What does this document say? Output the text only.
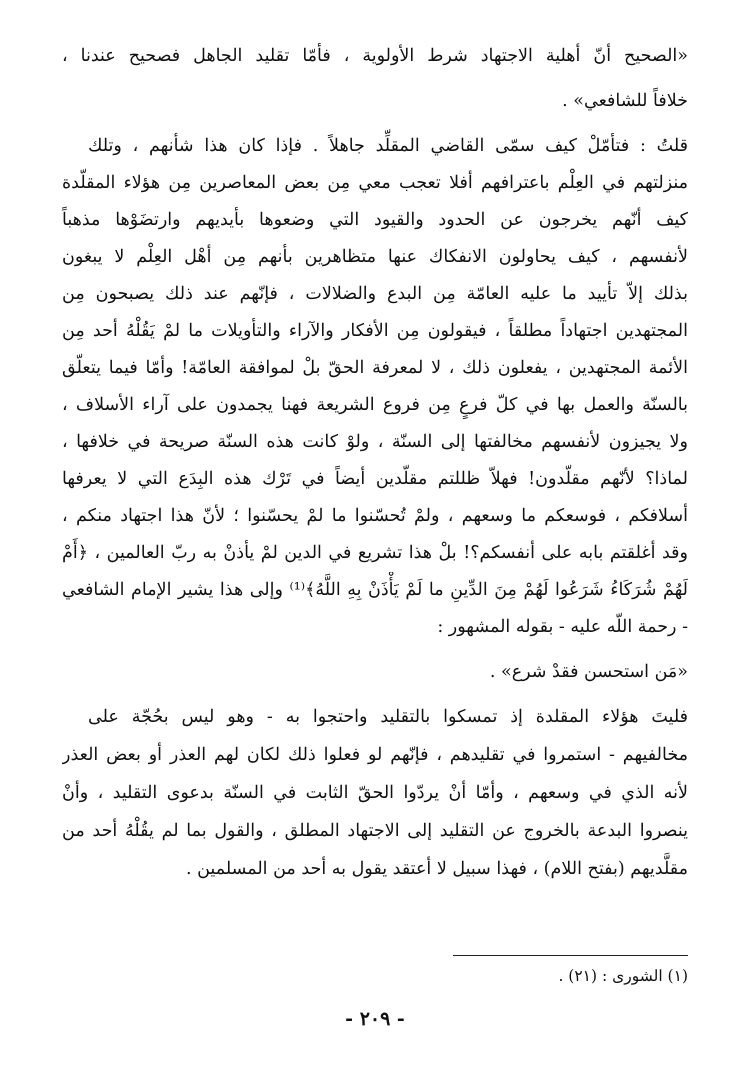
«الصحيح أنّ أهلية الاجتهاد شرط الأولوية ، فأمّا تقليد الجاهل فصحيح عندنا ،
خلافاً للشافعي» .
قلتُ : فتأمّلْ كيف سمّى القاضي المقلِّد جاهلاً . فإذا كان هذا شأنهم ، وتلك
منزلتهم في العِلْم باعترافهم أفلا تعجب معي مِن بعض المعاصرين مِن هؤلاء المقلّدة
كيف أنّهم يخرجون عن الحدود والقيود التي وضعوها بأيديهم وارتضَوْها مذهباً
لأنفسهم ، كيف يحاولون الانفكاك عنها متظاهرين بأنهم مِن أهْل العِلْم لا يبغون
بذلك إلاّ تأييد ما عليه العامّة مِن البدع والضلالات ، فإنّهم عند ذلك يصبحون مِن
المجتهدين اجتهاداً مطلقاً ، فيقولون مِن الأفكار والآراء والتأويلات ما لمْ يَقُلْهُ أحد مِن
الأئمة المجتهدين ، يفعلون ذلك ، لا لمعرفة الحقّ بلْ لموافقة العامّة! وأمّا فيما يتعلّق
بالسنّة والعمل بها في كلّ فرعٍ مِن فروع الشريعة فهنا يجمدون على آراء الأسلاف ،
ولا يجيزون لأنفسهم مخالفتها إلى السنّة ، ولوْ كانت هذه السنّة صريحة في خلافها ،
لماذا؟ لأنّهم مقلّدون! فهلاّ ظللتم مقلّدين أيضاً في تَرْك هذه البِدَع التي لا يعرفها
أسلافكم ، فوسعكم ما وسعهم ، ولمْ تُحسّنوا ما لمْ يحسّنوا ؛ لأنّ هذا اجتهاد منكم ،
وقد أغلقتم بابه على أنفسكم؟! بلْ هذا تشريع في الدين لمْ يأذنْ به ربّ العالمين ، ﴿أَمْ
لَهُمْ شُرَكَاءُ شَرَعُوا لَهُمْ مِنَ الدِّينِ ما لَمْ يَأْذَنْ بِهِ اللَّهُ﴾⁽¹⁾ وإلى هذا يشير الإمام الشافعي
- رحمة اللّه عليه - بقوله المشهور :
«مَن استحسن فقدْ شرع» .
فليتَ هؤلاء المقلدة إذ تمسكوا بالتقليد واحتجوا به - وهو ليس بحُجّة على
مخالفيهم - استمروا في تقليدهم ، فإنّهم لو فعلوا ذلك لكان لهم العذر أو بعض العذر
لأنه الذي في وسعهم ، وأمّا أنْ يردّوا الحقّ الثابت في السنّة بدعوى التقليد ، وأنْ
ينصروا البدعة بالخروج عن التقليد إلى الاجتهاد المطلق ، والقول بما لم يقُلْهُ أحد من
مقلَّديهم (بفتح اللام) ، فهذا سبيل لا أعتقد يقول به أحد من المسلمين .
(١) الشورى : (٢١) .
- ٢٠٩ -
